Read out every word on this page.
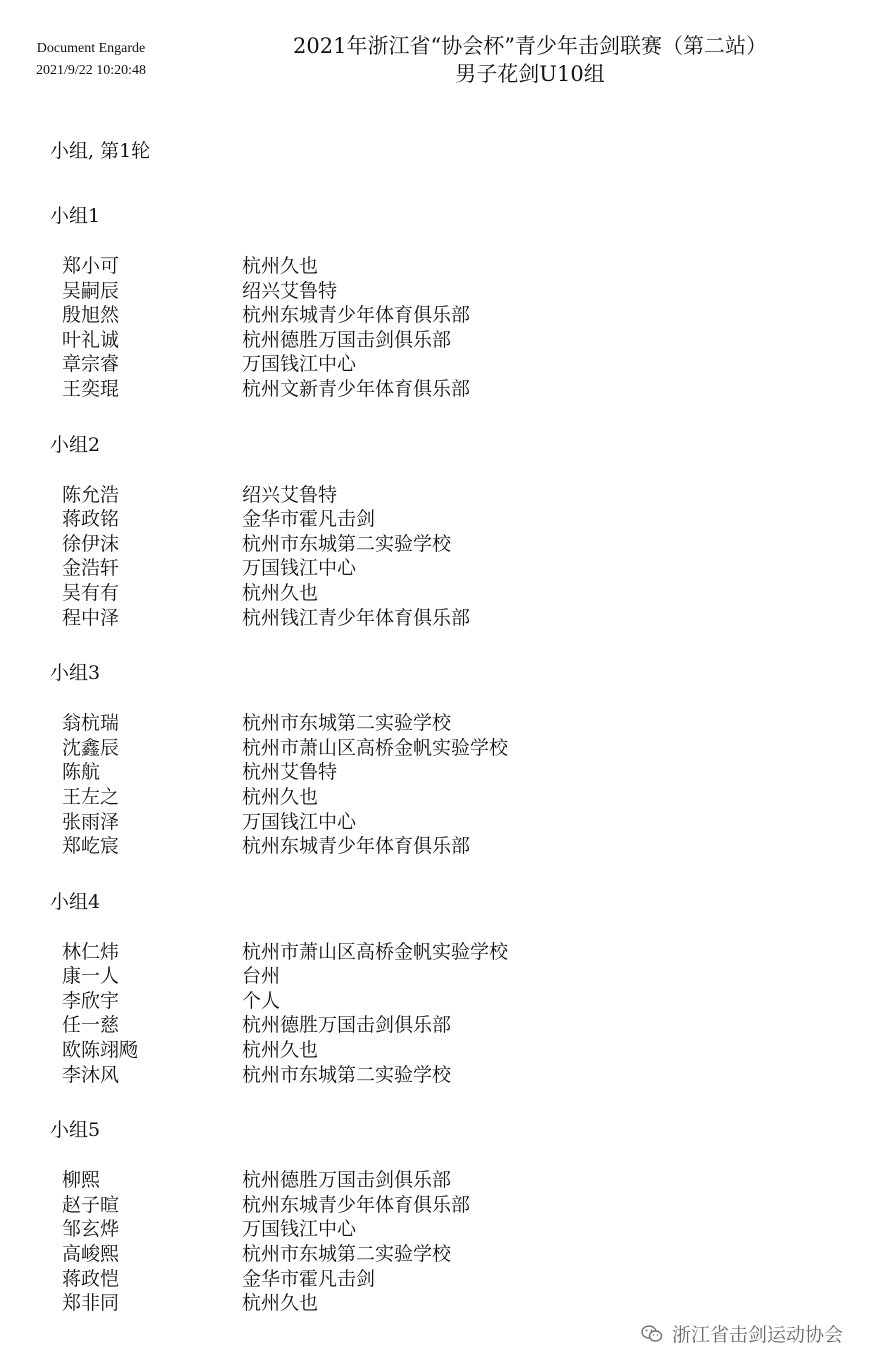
Document Engarde
2021/9/22 10:20:48
2021年浙江省“协会杯”青少年击剑联赛（第二站）
男子花剑U10组
小组, 第1轮
小组1
郑小可	杭州久也
吴嗣辰	绍兴艾鲁特
殷旭然	杭州东城青少年体育俱乐部
叶礼诚	杭州德胜万国击剑俱乐部
章宗睿	万国钱江中心
王奕琨	杭州文新青少年体育俱乐部
小组2
陈允浩	绍兴艾鲁特
蒋政铭	金华市霍凡击剑
徐伊沫	杭州市东城第二实验学校
金浩轩	万国钱江中心
吴有有	杭州久也
程中泽	杭州钱江青少年体育俱乐部
小组3
翁杭瑞	杭州市东城第二实验学校
沈鑫辰	杭州市萧山区高桥金帆实验学校
陈航	杭州艾鲁特
王左之	杭州久也
张雨泽	万国钱江中心
郑屹宸	杭州东城青少年体育俱乐部
小组4
林仁炜	杭州市萧山区高桥金帆实验学校
康一人	台州
李欣宇	个人
任一慈	杭州德胜万国击剑俱乐部
欧陈翊飏	杭州久也
李沐风	杭州市东城第二实验学校
小组5
柳熙	杭州德胜万国击剑俱乐部
赵子暄	杭州东城青少年体育俱乐部
邹玄烨	万国钱江中心
高峻熙	杭州市东城第二实验学校
蒋政恺	金华市霍凡击剑
郑非同	杭州久也
浙江省击剑运动协会
